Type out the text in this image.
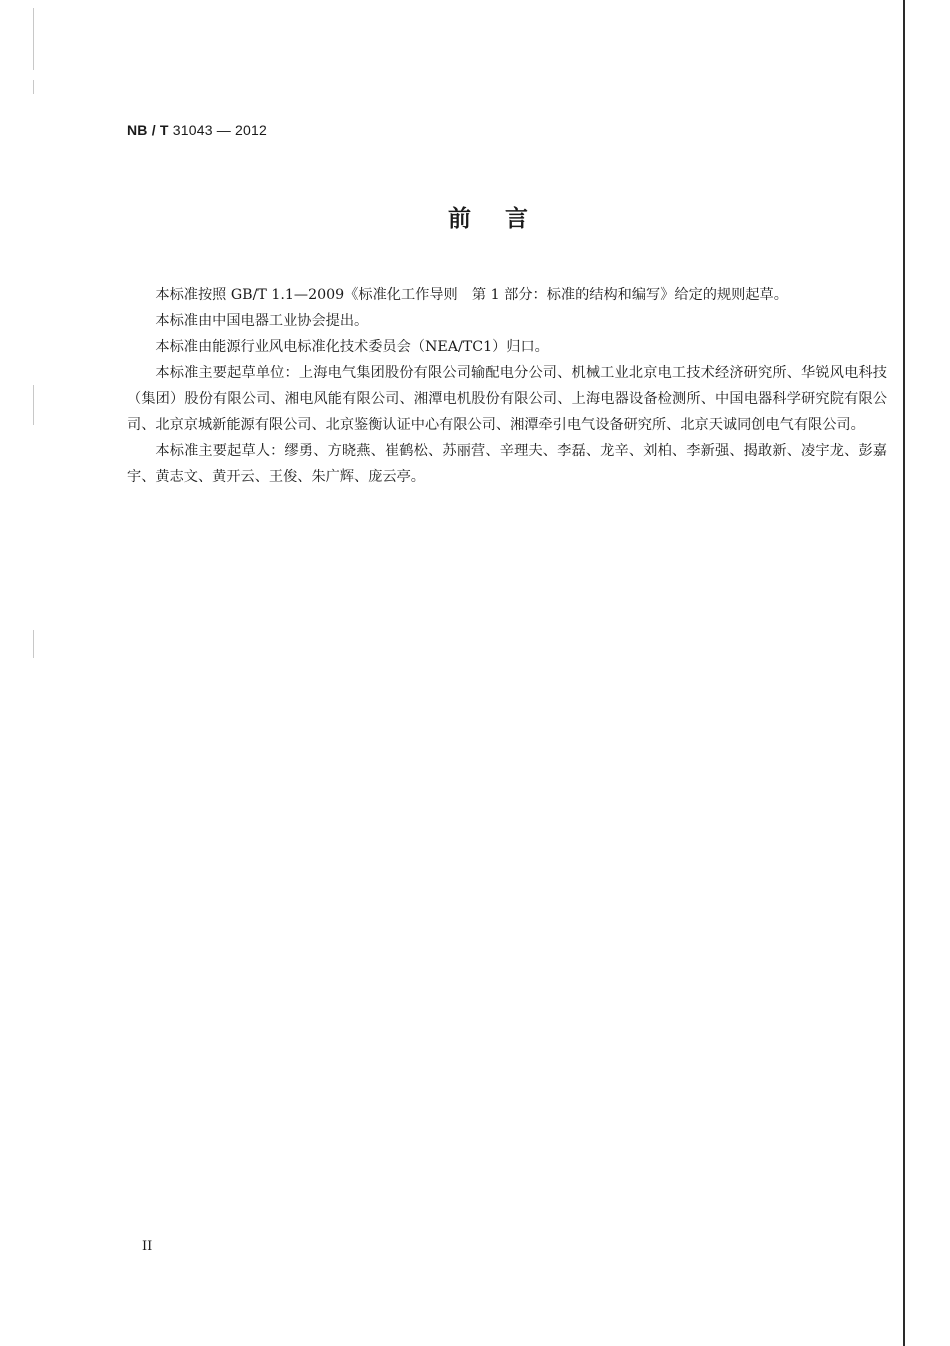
NB / T 31043 — 2012
前言

本标准按照 GB/T 1.1—2009《标准化工作导则　第 1 部分：标准的结构和编写》给定的规则起草。

本标准由中国电器工业协会提出。

本标准由能源行业风电标准化技术委员会（NEA/TC1）归口。

本标准主要起草单位：上海电气集团股份有限公司输配电分公司、机械工业北京电工技术经济研究所、华锐风电科技（集团）股份有限公司、湘电风能有限公司、湘潭电机股份有限公司、上海电器设备检测所、中国电器科学研究院有限公司、北京京城新能源有限公司、北京鉴衡认证中心有限公司、湘潭牵引电气设备研究所、北京天诚同创电气有限公司。

本标准主要起草人：缪勇、方晓燕、崔鹤松、苏丽营、辛理夫、李磊、龙辛、刘柏、李新强、揭敢新、凌宇龙、彭嘉宇、黄志文、黄开云、王俊、朱广辉、庞云亭。

II
